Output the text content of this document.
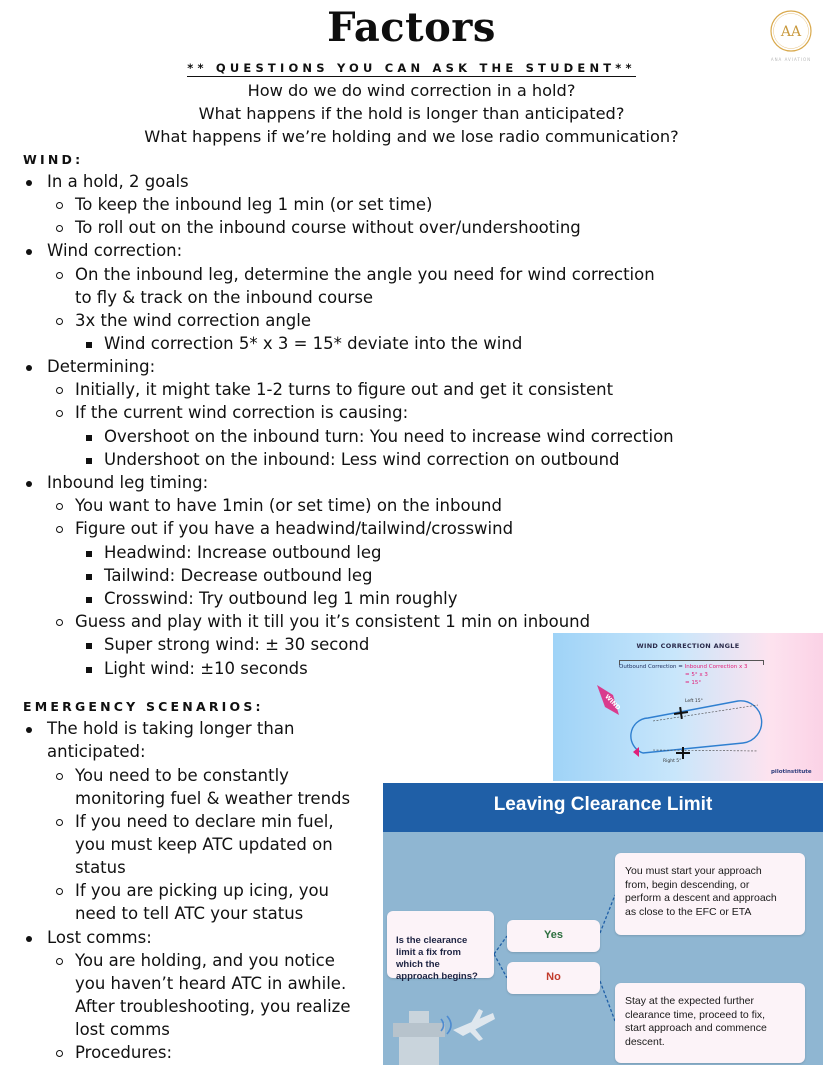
Factors	AA
ANA AVIATION
** QUESTIONS YOU CAN ASK THE STUDENT**
How do we do wind correction in a hold?
What happens if the hold is longer than anticipated?
What happens if we’re holding and we lose radio communication?
WIND:
In a hold, 2 goals
To keep the inbound leg 1 min (or set time)
To roll out on the inbound course without over/undershooting
Wind correction:
On the inbound leg, determine the angle you need for wind correction
to fly & track on the inbound course
3x the wind correction angle
Wind correction 5* x 3 = 15* deviate into the wind
Determining:
Initially, it might take 1-2 turns to figure out and get it consistent
If the current wind correction is causing:
Overshoot on the inbound turn: You need to increase wind correction
Undershoot on the inbound: Less wind correction on outbound
Inbound leg timing:
You want to have 1min (or set time) on the inbound
Figure out if you have a headwind/tailwind/crosswind
Headwind: Increase outbound leg
Tailwind: Decrease outbound leg
Crosswind: Try outbound leg 1 min roughly
Guess and play with it till you it’s consistent 1 min on inbound
Super strong wind: ± 30 second
Light wind: ±10 seconds
EMERGENCY SCENARIOS:
The hold is taking longer than
anticipated:
You need to be constantly
monitoring fuel & weather trends
If you need to declare min fuel,
you must keep ATC updated on
status
If you are picking up icing, you
need to tell ATC your status
Lost comms:
You are holding, and you notice
you haven’t heard ATC in awhile.
After troubleshooting, you realize
lost comms
Procedures:
WIND CORRECTION ANGLE
Outbound Correction = Inbound Correction x 3
= 5° x 3
= 15°
WIND	Left 15°
Right 5°
pilotinstitute
Leaving Clearance Limit
Is the clearance
limit a fix from
which the
approach begins?
Yes
No
You must start your approach
from, begin descending, or
perform a descent and approach
as close to the EFC or ETA
Stay at the expected further
clearance time, proceed to fix,
start approach and commence
descent.
